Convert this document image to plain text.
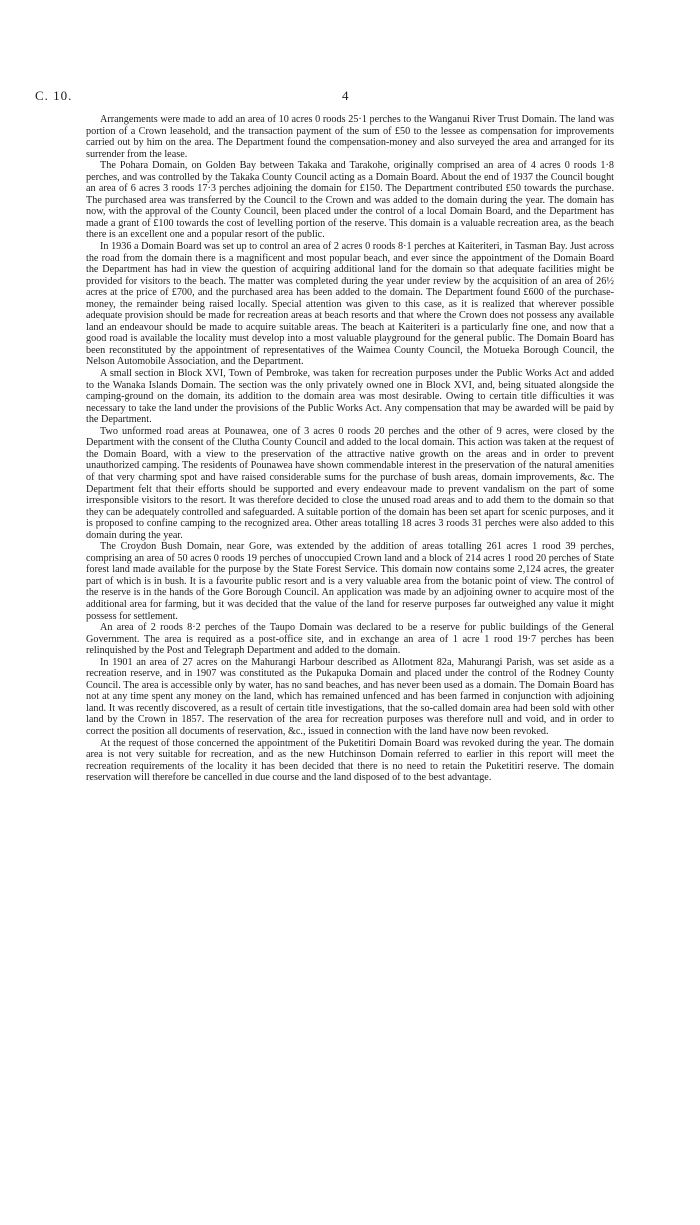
C. 10.	4

Arrangements were made to add an area of 10 acres 0 roods 25·1 perches to the Wanganui River Trust Domain. The land was portion of a Crown leasehold, and the transaction payment of the sum of £50 to the lessee as compensation for improvements carried out by him on the area. The Department found the compensation-money and also surveyed the area and arranged for its surrender from the lease.

The Pohara Domain, on Golden Bay between Takaka and Tarakohe, originally comprised an area of 4 acres 0 roods 1·8 perches, and was controlled by the Takaka County Council acting as a Domain Board. About the end of 1937 the Council bought an area of 6 acres 3 roods 17·3 perches adjoining the domain for £150. The Department contributed £50 towards the purchase. The purchased area was transferred by the Council to the Crown and was added to the domain during the year. The domain has now, with the approval of the County Council, been placed under the control of a local Domain Board, and the Department has made a grant of £100 towards the cost of levelling portion of the reserve. This domain is a valuable recreation area, as the beach there is an excellent one and a popular resort of the public.

In 1936 a Domain Board was set up to control an area of 2 acres 0 roods 8·1 perches at Kaiteriteri, in Tasman Bay. Just across the road from the domain there is a magnificent and most popular beach, and ever since the appointment of the Domain Board the Department has had in view the question of acquiring additional land for the domain so that adequate facilities might be provided for visitors to the beach. The matter was completed during the year under review by the acquisition of an area of 26½ acres at the price of £700, and the purchased area has been added to the domain. The Department found £600 of the purchase-money, the remainder being raised locally. Special attention was given to this case, as it is realized that wherever possible adequate provision should be made for recreation areas at beach resorts and that where the Crown does not possess any available land an endeavour should be made to acquire suitable areas. The beach at Kaiteriteri is a particularly fine one, and now that a good road is available the locality must develop into a most valuable playground for the general public. The Domain Board has been reconstituted by the appointment of representatives of the Waimea County Council, the Motueka Borough Council, the Nelson Automobile Association, and the Department.

A small section in Block XVI, Town of Pembroke, was taken for recreation purposes under the Public Works Act and added to the Wanaka Islands Domain. The section was the only privately owned one in Block XVI, and, being situated alongside the camping-ground on the domain, its addition to the domain area was most desirable. Owing to certain title difficulties it was necessary to take the land under the provisions of the Public Works Act. Any compensation that may be awarded will be paid by the Department.

Two unformed road areas at Pounawea, one of 3 acres 0 roods 20 perches and the other of 9 acres, were closed by the Department with the consent of the Clutha County Council and added to the local domain. This action was taken at the request of the Domain Board, with a view to the preservation of the attractive native growth on the areas and in order to prevent unauthorized camping. The residents of Pounawea have shown commendable interest in the preservation of the natural amenities of that very charming spot and have raised considerable sums for the purchase of bush areas, domain improvements, &c. The Department felt that their efforts should be supported and every endeavour made to prevent vandalism on the part of some irresponsible visitors to the resort. It was therefore decided to close the unused road areas and to add them to the domain so that they can be adequately controlled and safeguarded. A suitable portion of the domain has been set apart for scenic purposes, and it is proposed to confine camping to the recognized area. Other areas totalling 18 acres 3 roods 31 perches were also added to this domain during the year.

The Croydon Bush Domain, near Gore, was extended by the addition of areas totalling 261 acres 1 rood 39 perches, comprising an area of 50 acres 0 roods 19 perches of unoccupied Crown land and a block of 214 acres 1 rood 20 perches of State forest land made available for the purpose by the State Forest Service. This domain now contains some 2,124 acres, the greater part of which is in bush. It is a favourite public resort and is a very valuable area from the botanic point of view. The control of the reserve is in the hands of the Gore Borough Council. An application was made by an adjoining owner to acquire most of the additional area for farming, but it was decided that the value of the land for reserve purposes far outweighed any value it might possess for settlement.

An area of 2 roods 8·2 perches of the Taupo Domain was declared to be a reserve for public buildings of the General Government. The area is required as a post-office site, and in exchange an area of 1 acre 1 rood 19·7 perches has been relinquished by the Post and Telegraph Department and added to the domain.

In 1901 an area of 27 acres on the Mahurangi Harbour described as Allotment 82a, Mahurangi Parish, was set aside as a recreation reserve, and in 1907 was constituted as the Pukapuka Domain and placed under the control of the Rodney County Council. The area is accessible only by water, has no sand beaches, and has never been used as a domain. The Domain Board has not at any time spent any money on the land, which has remained unfenced and has been farmed in conjunction with adjoining land. It was recently discovered, as a result of certain title investigations, that the so-called domain area had been sold with other land by the Crown in 1857. The reservation of the area for recreation purposes was therefore null and void, and in order to correct the position all documents of reservation, &c., issued in connection with the land have now been revoked.

At the request of those concerned the appointment of the Puketitiri Domain Board was revoked during the year. The domain area is not very suitable for recreation, and as the new Hutchinson Domain referred to earlier in this report will meet the recreation requirements of the locality it has been decided that there is no need to retain the Puketitiri reserve. The domain reservation will therefore be cancelled in due course and the land disposed of to the best advantage.
